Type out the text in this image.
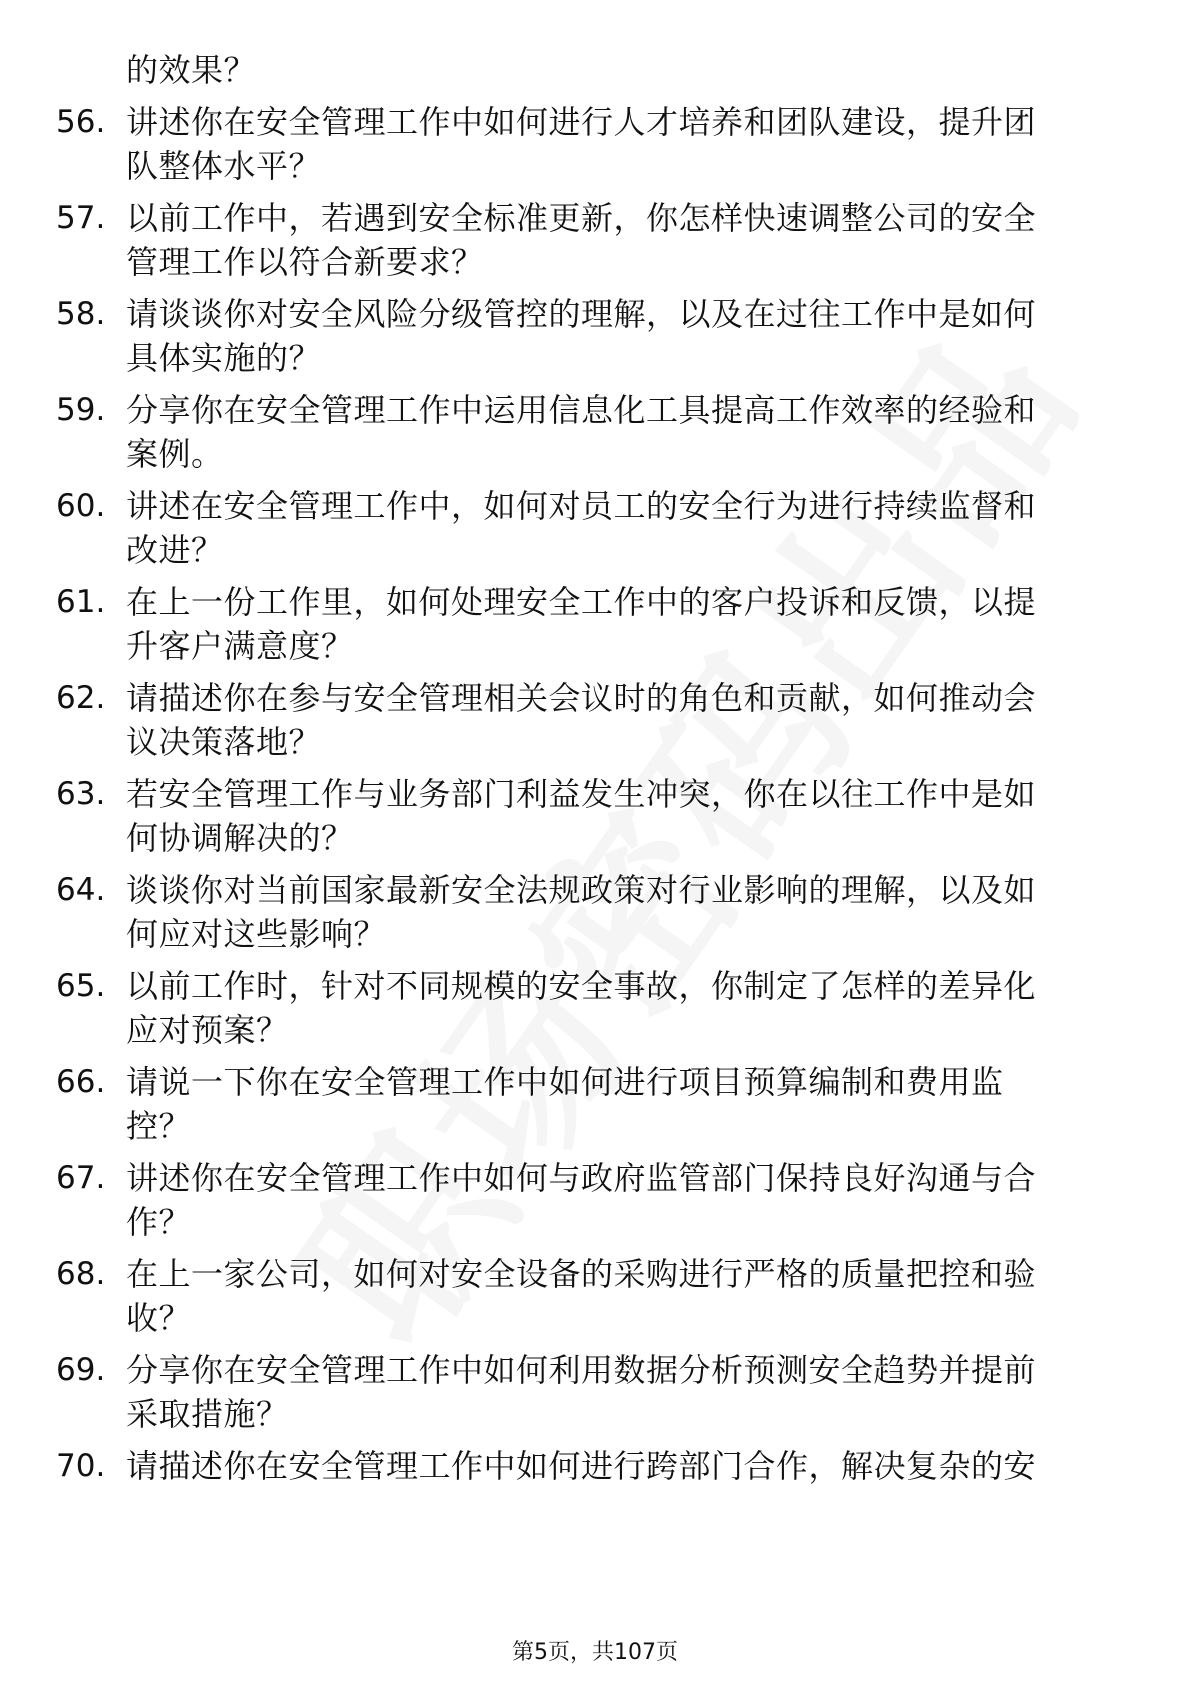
的效果？
56. 讲述你在安全管理工作中如何进行人才培养和团队建设，提升团
队整体水平？
57. 以前工作中，若遇到安全标准更新，你怎样快速调整公司的安全
管理工作以符合新要求？
58. 请谈谈你对安全风险分级管控的理解，以及在过往工作中是如何
具体实施的？
59. 分享你在安全管理工作中运用信息化工具提高工作效率的经验和
案例。
60. 讲述在安全管理工作中，如何对员工的安全行为进行持续监督和
改进？
61. 在上一份工作里，如何处理安全工作中的客户投诉和反馈，以提
升客户满意度？
62. 请描述你在参与安全管理相关会议时的角色和贡献，如何推动会
议决策落地？
63. 若安全管理工作与业务部门利益发生冲突，你在以往工作中是如
何协调解决的？
64. 谈谈你对当前国家最新安全法规政策对行业影响的理解，以及如
何应对这些影响？
65. 以前工作时，针对不同规模的安全事故，你制定了怎样的差异化
应对预案？
66. 请说一下你在安全管理工作中如何进行项目预算编制和费用监
控？
67. 讲述你在安全管理工作中如何与政府监管部门保持良好沟通与合
作？
68. 在上一家公司，如何对安全设备的采购进行严格的质量把控和验
收？
69. 分享你在安全管理工作中如何利用数据分析预测安全趋势并提前
采取措施？
70. 请描述你在安全管理工作中如何进行跨部门合作，解决复杂的安
第5页，共107页
